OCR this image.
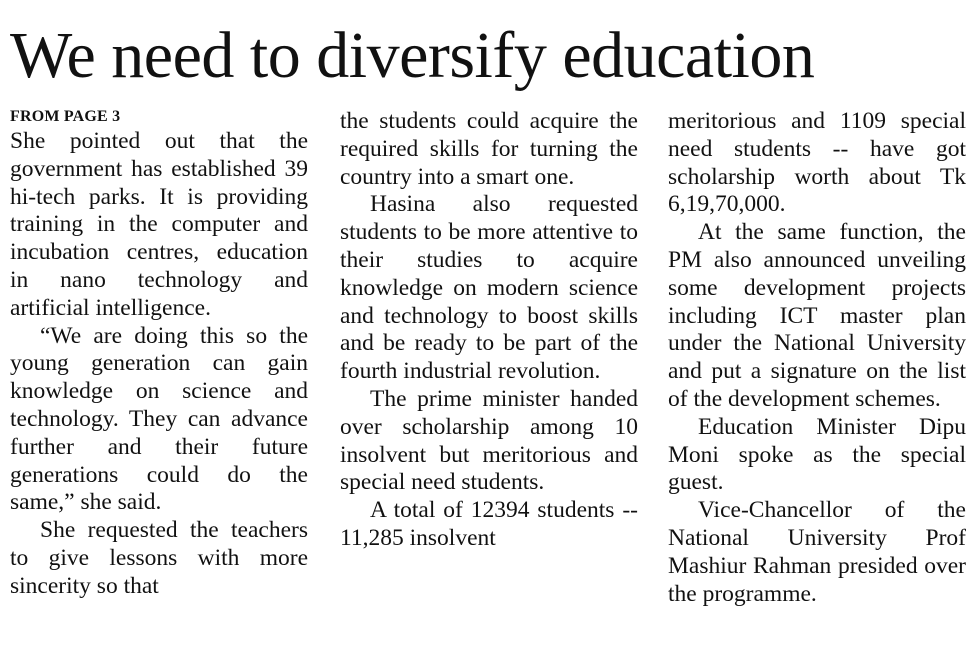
We need to diversify education
FROM PAGE 3

She pointed out that the government has established 39 hi-tech parks. It is providing training in the computer and incubation centres, education in nano technology and artificial intelligence.

“We are doing this so the young generation can gain knowledge on science and technology. They can advance further and their future generations could do the same,” she said.

She requested the teachers to give lessons with more sincerity so that

the students could acquire the required skills for turning the country into a smart one.

Hasina also requested students to be more attentive to their studies to acquire knowledge on modern science and technology to boost skills and be ready to be part of the fourth industrial revolution.

The prime minister handed over scholarship among 10 insolvent but meritorious and special need students.

A total of 12394 students -- 11,285 insolvent

meritorious and 1109 special need students -- have got scholarship worth about Tk 6,19,70,000.

At the same function, the PM also announced unveiling some development projects including ICT master plan under the National University and put a signature on the list of the development schemes.

Education Minister Dipu Moni spoke as the special guest.

Vice-Chancellor of the National University Prof Mashiur Rahman presided over the programme.
